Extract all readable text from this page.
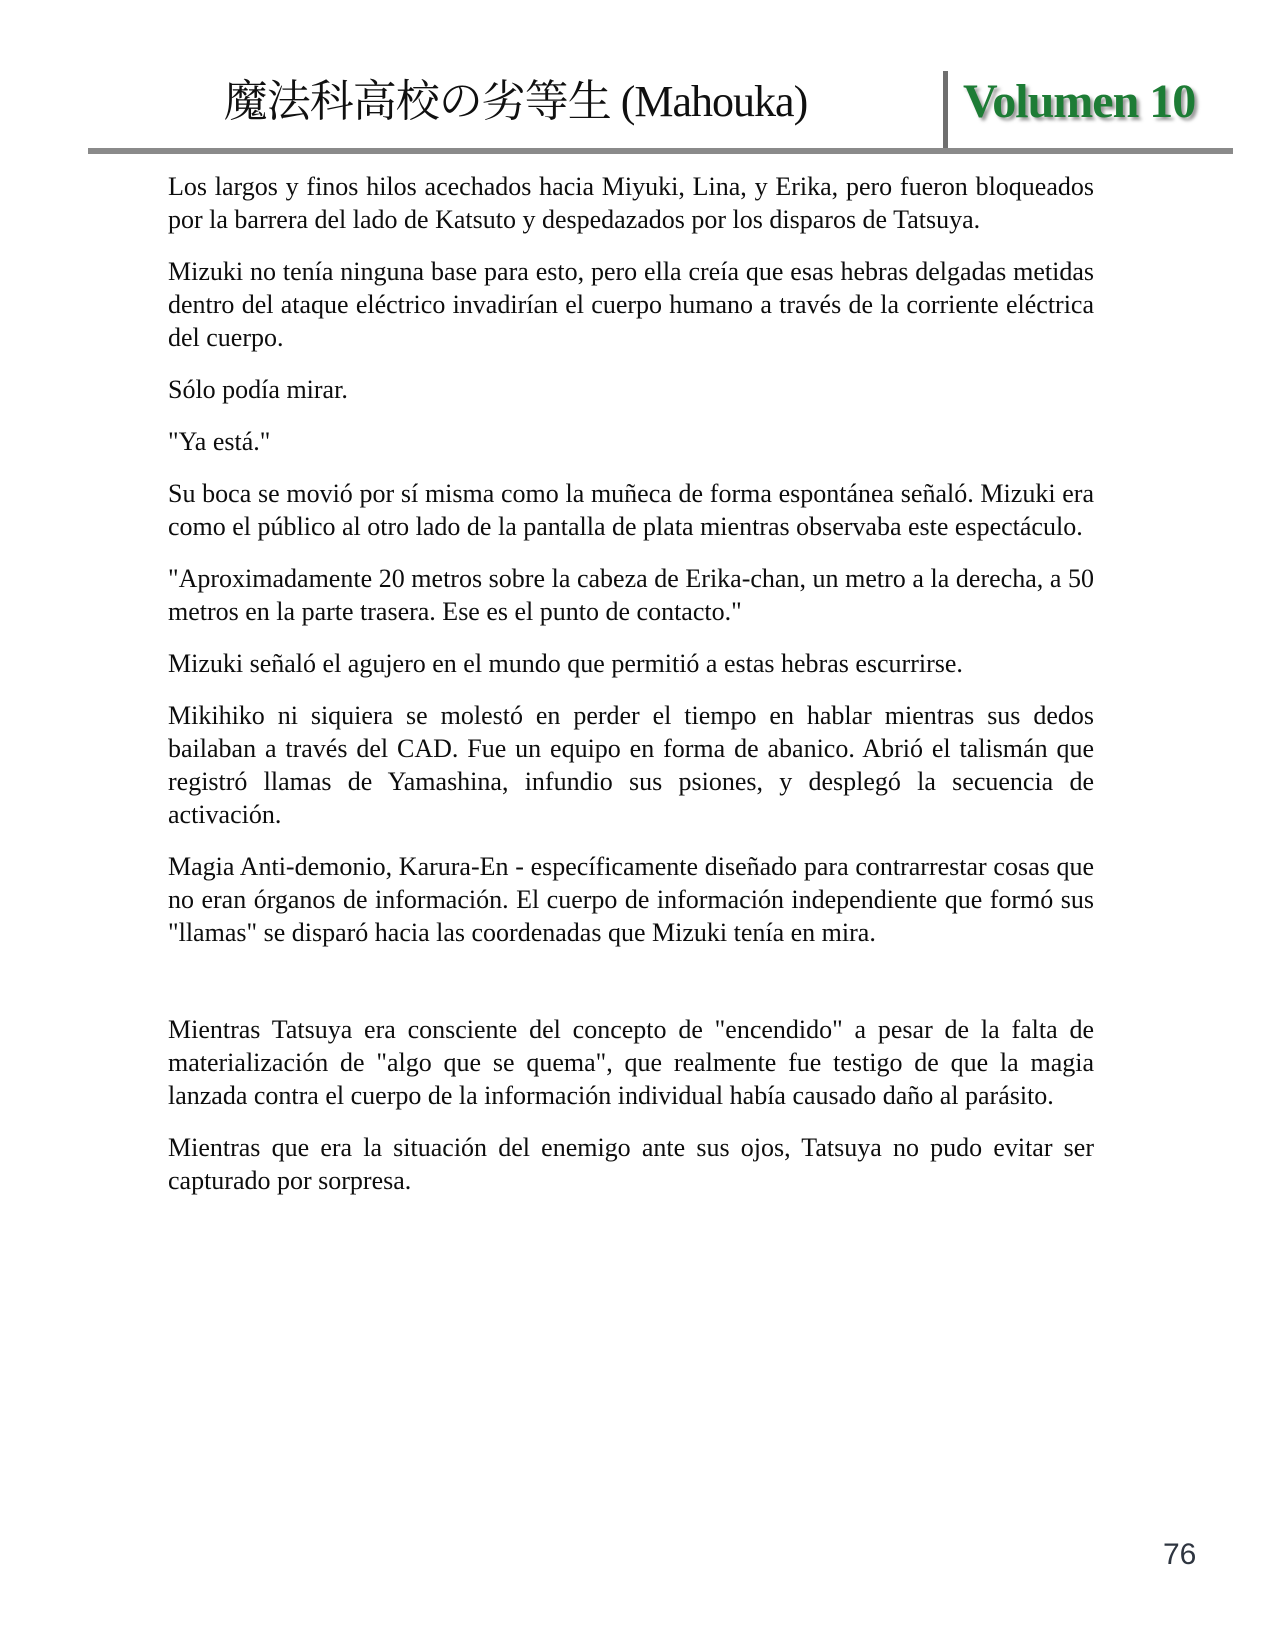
魔法科高校の劣等生 (Mahouka)	Volumen 10

Los largos y finos hilos acechados hacia Miyuki, Lina, y Erika, pero fueron bloqueados por la barrera del lado de Katsuto y despedazados por los disparos de Tatsuya.

Mizuki no tenía ninguna base para esto, pero ella creía que esas hebras delgadas metidas dentro del ataque eléctrico invadirían el cuerpo humano a través de la corriente eléctrica del cuerpo.

Sólo podía mirar.

"Ya está."

Su boca se movió por sí misma como la muñeca de forma espontánea señaló. Mizuki era como el público al otro lado de la pantalla de plata mientras observaba este espectáculo.

"Aproximadamente 20 metros sobre la cabeza de Erika-chan, un metro a la derecha, a 50 metros en la parte trasera. Ese es el punto de contacto."

Mizuki señaló el agujero en el mundo que permitió a estas hebras escurrirse.

Mikihiko ni siquiera se molestó en perder el tiempo en hablar mientras sus dedos bailaban a través del CAD. Fue un equipo en forma de abanico. Abrió el talismán que registró llamas de Yamashina, infundio sus psiones, y desplegó la secuencia de activación.

Magia Anti-demonio, Karura-En - específicamente diseñado para contrarrestar cosas que no eran órganos de información. El cuerpo de información independiente que formó sus "llamas" se disparó hacia las coordenadas que Mizuki tenía en mira.

Mientras Tatsuya era consciente del concepto de "encendido" a pesar de la falta de materialización de "algo que se quema", que realmente fue testigo de que la magia lanzada contra el cuerpo de la información individual había causado daño al parásito.

Mientras que era la situación del enemigo ante sus ojos, Tatsuya no pudo evitar ser capturado por sorpresa.

76
